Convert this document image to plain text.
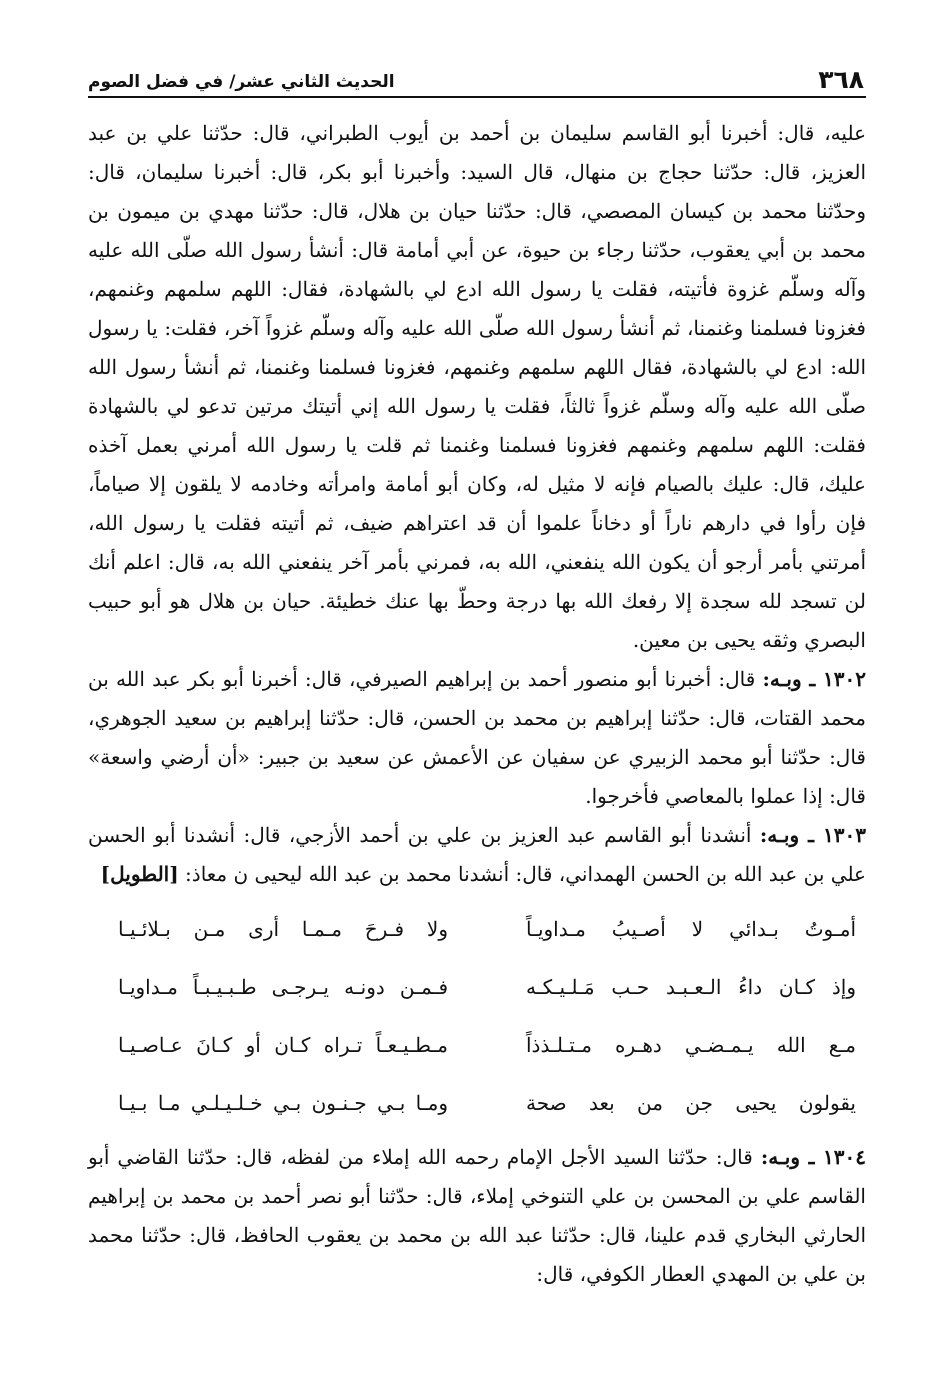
٣٦٨
الحديث الثاني عشر/ في فضل الصوم

عليه، قال: أخبرنا أبو القاسم سليمان بن أحمد بن أيوب الطبراني، قال: حدّثنا علي بن عبد العزيز، قال: حدّثنا حجاج بن منهال، قال السيد: وأخبرنا أبو بكر، قال: أخبرنا سليمان، قال: وحدّثنا محمد بن كيسان المصصي، قال: حدّثنا حيان بن هلال، قال: حدّثنا مهدي بن ميمون بن محمد بن أبي يعقوب، حدّثنا رجاء بن حيوة، عن أبي أمامة قال: أنشأ رسول الله صلّى الله عليه وآله وسلّم غزوة فأتيته، فقلت يا رسول الله ادع لي بالشهادة، فقال: اللهم سلمهم وغنمهم، فغزونا فسلمنا وغنمنا، ثم أنشأ رسول الله صلّى الله عليه وآله وسلّم غزواً آخر، فقلت: يا رسول الله: ادع لي بالشهادة، فقال اللهم سلمهم وغنمهم، فغزونا فسلمنا وغنمنا، ثم أنشأ رسول الله صلّى الله عليه وآله وسلّم غزواً ثالثاً، فقلت يا رسول الله إني أتيتك مرتين تدعو لي بالشهادة فقلت: اللهم سلمهم وغنمهم فغزونا فسلمنا وغنمنا ثم قلت يا رسول الله أمرني بعمل آخذه عليك، قال: عليك بالصيام فإنه لا مثيل له، وكان أبو أمامة وامرأته وخادمه لا يلقون إلا صياماً، فإن رأوا في دارهم ناراً أو دخاناً علموا أن قد اعتراهم ضيف، ثم أتيته فقلت يا رسول الله، أمرتني بأمر أرجو أن يكون الله ينفعني، الله به، فمرني بأمر آخر ينفعني الله به، قال: اعلم أنك لن تسجد لله سجدة إلا رفعك الله بها درجة وحطّ بها عنك خطيئة. حيان بن هلال هو أبو حبيب البصري وثقه يحيى بن معين.

١٣٠٢ ـ وبـه: قال: أخبرنا أبو منصور أحمد بن إبراهيم الصيرفي، قال: أخبرنا أبو بكر عبد الله بن محمد القتات، قال: حدّثنا إبراهيم بن محمد بن الحسن، قال: حدّثنا إبراهيم بن سعيد الجوهري، قال: حدّثنا أبو محمد الزبيري عن سفيان عن الأعمش عن سعيد بن جبير: «أن أرضي واسعة» قال: إذا عملوا بالمعاصي فأخرجوا.

١٣٠٣ ـ وبـه: أنشدنا أبو القاسم عبد العزيز بن علي بن أحمد الأزجي، قال: أنشدنا أبو الحسن علي بن عبد الله بن الحسن الهمداني، قال: أنشدنا محمد بن عبد الله ليحيى ن معاذ: [الطويل]

أمـوتُ بـدائي لا أصـيبُ مـداويـاً
ولا فـرحَ مـمـا أرى مـن بـلائـيـا
وإذ كـان داءُ الـعـبـد حـب مَـلـيـكـه
فـمـن دونـه يـرجـى طـبـيـبـاً مـداويـا
مـع الله يـمـضـي دهـره مـتـلـذذاً
مـطـيـعـاً تـراه كـان أو كـانَ عـاصـيـا
يقولون يحيى جن من بعد صحة
ومـا بـي جـنـون بـي خـلـيـلـي مـا بـيـا

١٣٠٤ ـ وبـه: قال: حدّثنا السيد الأجل الإمام رحمه الله إملاء من لفظه، قال: حدّثنا القاضي أبو القاسم علي بن المحسن بن علي التنوخي إملاء، قال: حدّثنا أبو نصر أحمد بن محمد بن إبراهيم الحارثي البخاري قدم علينا، قال: حدّثنا عبد الله بن محمد بن يعقوب الحافظ، قال: حدّثنا محمد بن علي بن المهدي العطار الكوفي، قال:
